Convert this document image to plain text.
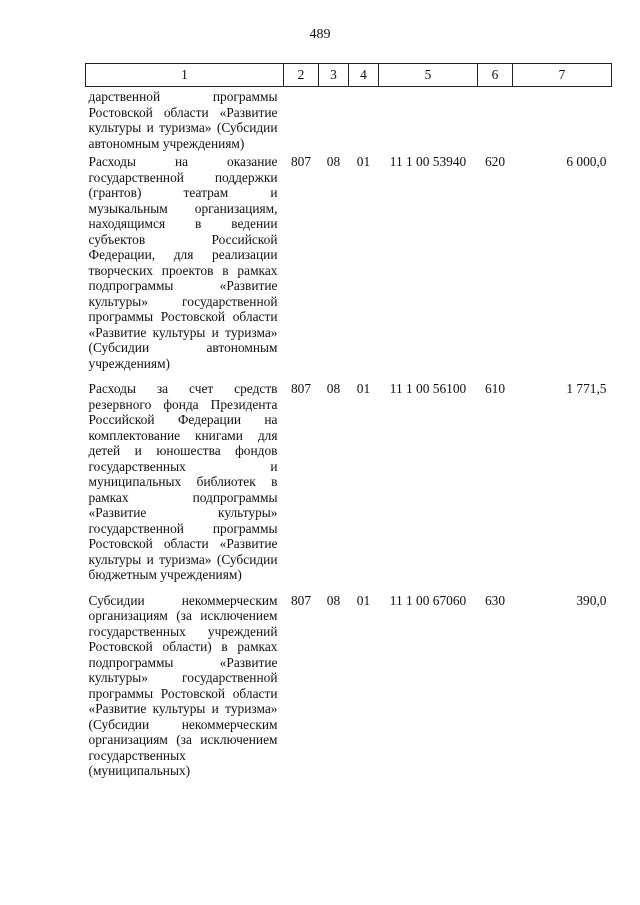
489
1	2	3	4	5	6	7
дарственной программы Ростовской области «Развитие культуры и туризма» (Субсидии автономным учреждениям)						
Расходы на оказание государственной поддержки (грантов) театрам и музыкальным организациям, находящимся в ведении субъектов Российской Федерации, для реализации творческих проектов в рамках подпрограммы «Развитие культуры» государственной программы Ростовской области «Развитие культуры и туризма» (Субсидии автономным учреждениям)	807	08	01	11 1 00 53940	620	6 000,0
Расходы за счет средств резервного фонда Президента Российской Федерации на комплектование книгами для детей и юношества фондов государственных и муниципальных библиотек в рамках подпрограммы «Развитие культуры» государственной программы Ростовской области «Развитие культуры и туризма» (Субсидии бюджетным учреждениям)	807	08	01	11 1 00 56100	610	1 771,5
Субсидии некоммерческим организациям (за исключением государственных учреждений Ростовской области) в рамках подпрограммы «Развитие культуры» государственной программы Ростовской области «Развитие культуры и туризма» (Субсидии некоммерческим организациям (за исключением государственных (муниципальных)	807	08	01	11 1 00 67060	630	390,0
